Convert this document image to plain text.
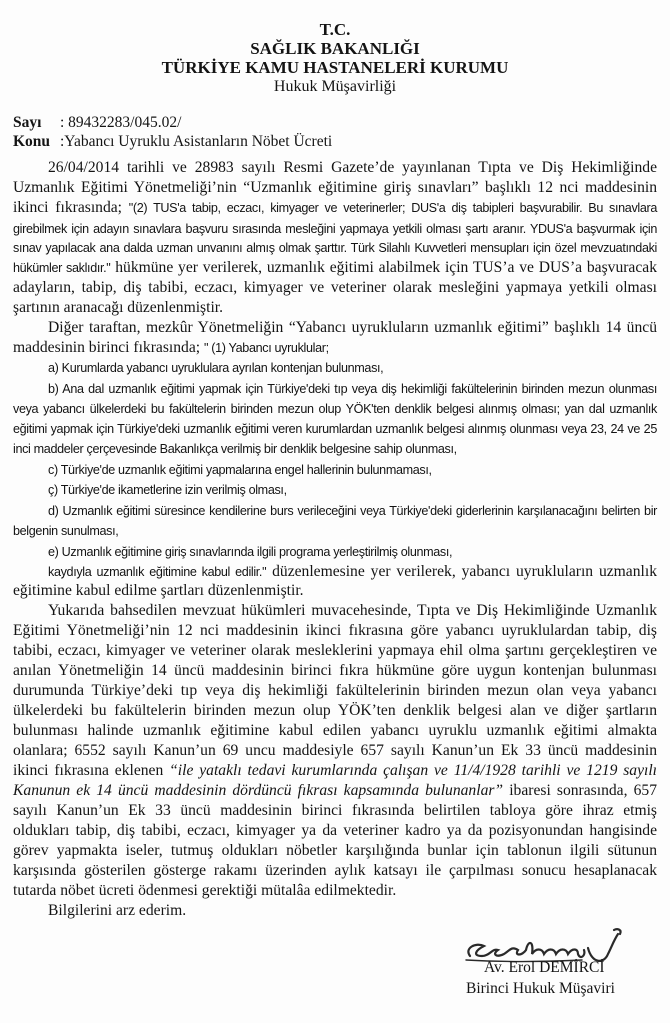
T.C.
SAĞLIK BAKANLIĞI
TÜRKİYE KAMU HASTANELERİ KURUMU
Hukuk Müşavirliği
Sayı : 89432283/045.02/
Konu :Yabancı Uyruklu Asistanların Nöbet Ücreti
26/04/2014 tarihli ve 28983 sayılı Resmi Gazete’de yayınlanan Tıpta ve Diş Hekimliğinde
Uzmanlık Eğitimi Yönetmeliği’nin “Uzmanlık eğitimine giriş sınavları” başlıklı 12 nci maddesinin
ikinci fıkrasında; "(2) TUS'a tabip, eczacı, kimyager ve veterinerler; DUS'a diş tabipleri başvurabilir. Bu sınavlara
girebilmek için adayın sınavlara başvuru sırasında mesleğini yapmaya yetkili olması şartı aranır. YDUS'a başvurmak için
sınav yapılacak ana dalda uzman unvanını almış olmak şarttır. Türk Silahlı Kuvvetleri mensupları için özel mevzuatındaki
hükümler saklıdır." hükmüne yer verilerek, uzmanlık eğitimi alabilmek için TUS’a ve DUS’a başvuracak
adayların, tabip, diş tabibi, eczacı, kimyager ve veteriner olarak mesleğini yapmaya yetkili olması
şartının aranacağı düzenlenmiştir.
Diğer taraftan, mezkûr Yönetmeliğin “Yabancı uyrukluların uzmanlık eğitimi” başlıklı 14 üncü
maddesinin birinci fıkrasında; " (1) Yabancı uyruklular;
a) Kurumlarda yabancı uyruklulara ayrılan kontenjan bulunması,
b) Ana dal uzmanlık eğitimi yapmak için Türkiye'deki tıp veya diş hekimliği fakültelerinin birinden mezun olunması
veya yabancı ülkelerdeki bu fakültelerin birinden mezun olup YÖK'ten denklik belgesi alınmış olması; yan dal uzmanlık
eğitimi yapmak için Türkiye'deki uzmanlık eğitimi veren kurumlardan uzmanlık belgesi alınmış olunması veya 23, 24 ve 25
inci maddeler çerçevesinde Bakanlıkça verilmiş bir denklik belgesine sahip olunması,
c) Türkiye'de uzmanlık eğitimi yapmalarına engel hallerinin bulunmaması,
ç) Türkiye'de ikametlerine izin verilmiş olması,
d) Uzmanlık eğitimi süresince kendilerine burs verileceğini veya Türkiye'deki giderlerinin karşılanacağını belirten bir
belgenin sunulması,
e) Uzmanlık eğitimine giriş sınavlarında ilgili programa yerleştirilmiş olunması,
kaydıyla uzmanlık eğitimine kabul edilir." düzenlemesine yer verilerek, yabancı uyrukluların uzmanlık
eğitimine kabul edilme şartları düzenlenmiştir.
Yukarıda bahsedilen mevzuat hükümleri muvacehesinde, Tıpta ve Diş Hekimliğinde Uzmanlık
Eğitimi Yönetmeliği’nin 12 nci maddesinin ikinci fıkrasına göre yabancı uyruklulardan tabip, diş
tabibi, eczacı, kimyager ve veteriner olarak mesleklerini yapmaya ehil olma şartını gerçekleştiren ve
anılan Yönetmeliğin 14 üncü maddesinin birinci fıkra hükmüne göre uygun kontenjan bulunması
durumunda Türkiye’deki tıp veya diş hekimliği fakültelerinin birinden mezun olan veya yabancı
ülkelerdeki bu fakültelerin birinden mezun olup YÖK’ten denklik belgesi alan ve diğer şartların
bulunması halinde uzmanlık eğitimine kabul edilen yabancı uyruklu uzmanlık eğitimi almakta
olanlara; 6552 sayılı Kanun’un 69 uncu maddesiyle 657 sayılı Kanun’un Ek 33 üncü maddesinin
ikinci fıkrasına eklenen “ile yataklı tedavi kurumlarında çalışan ve 11/4/1928 tarihli ve 1219 sayılı
Kanunun ek 14 üncü maddesinin dördüncü fıkrası kapsamında bulunanlar” ibaresi sonrasında, 657
sayılı Kanun’un Ek 33 üncü maddesinin birinci fıkrasında belirtilen tabloya göre ihraz etmiş
oldukları tabip, diş tabibi, eczacı, kimyager ya da veteriner kadro ya da pozisyonundan hangisinde
görev yapmakta iseler, tutmuş oldukları nöbetler karşılığında bunlar için tablonun ilgili sütunun
karşısında gösterilen gösterge rakamı üzerinden aylık katsayı ile çarpılması sonucu hesaplanacak
tutarda nöbet ücreti ödenmesi gerektiği mütalâa edilmektedir.
Bilgilerini arz ederim.
Av. Erol DEMİRCİ
Birinci Hukuk Müşaviri
